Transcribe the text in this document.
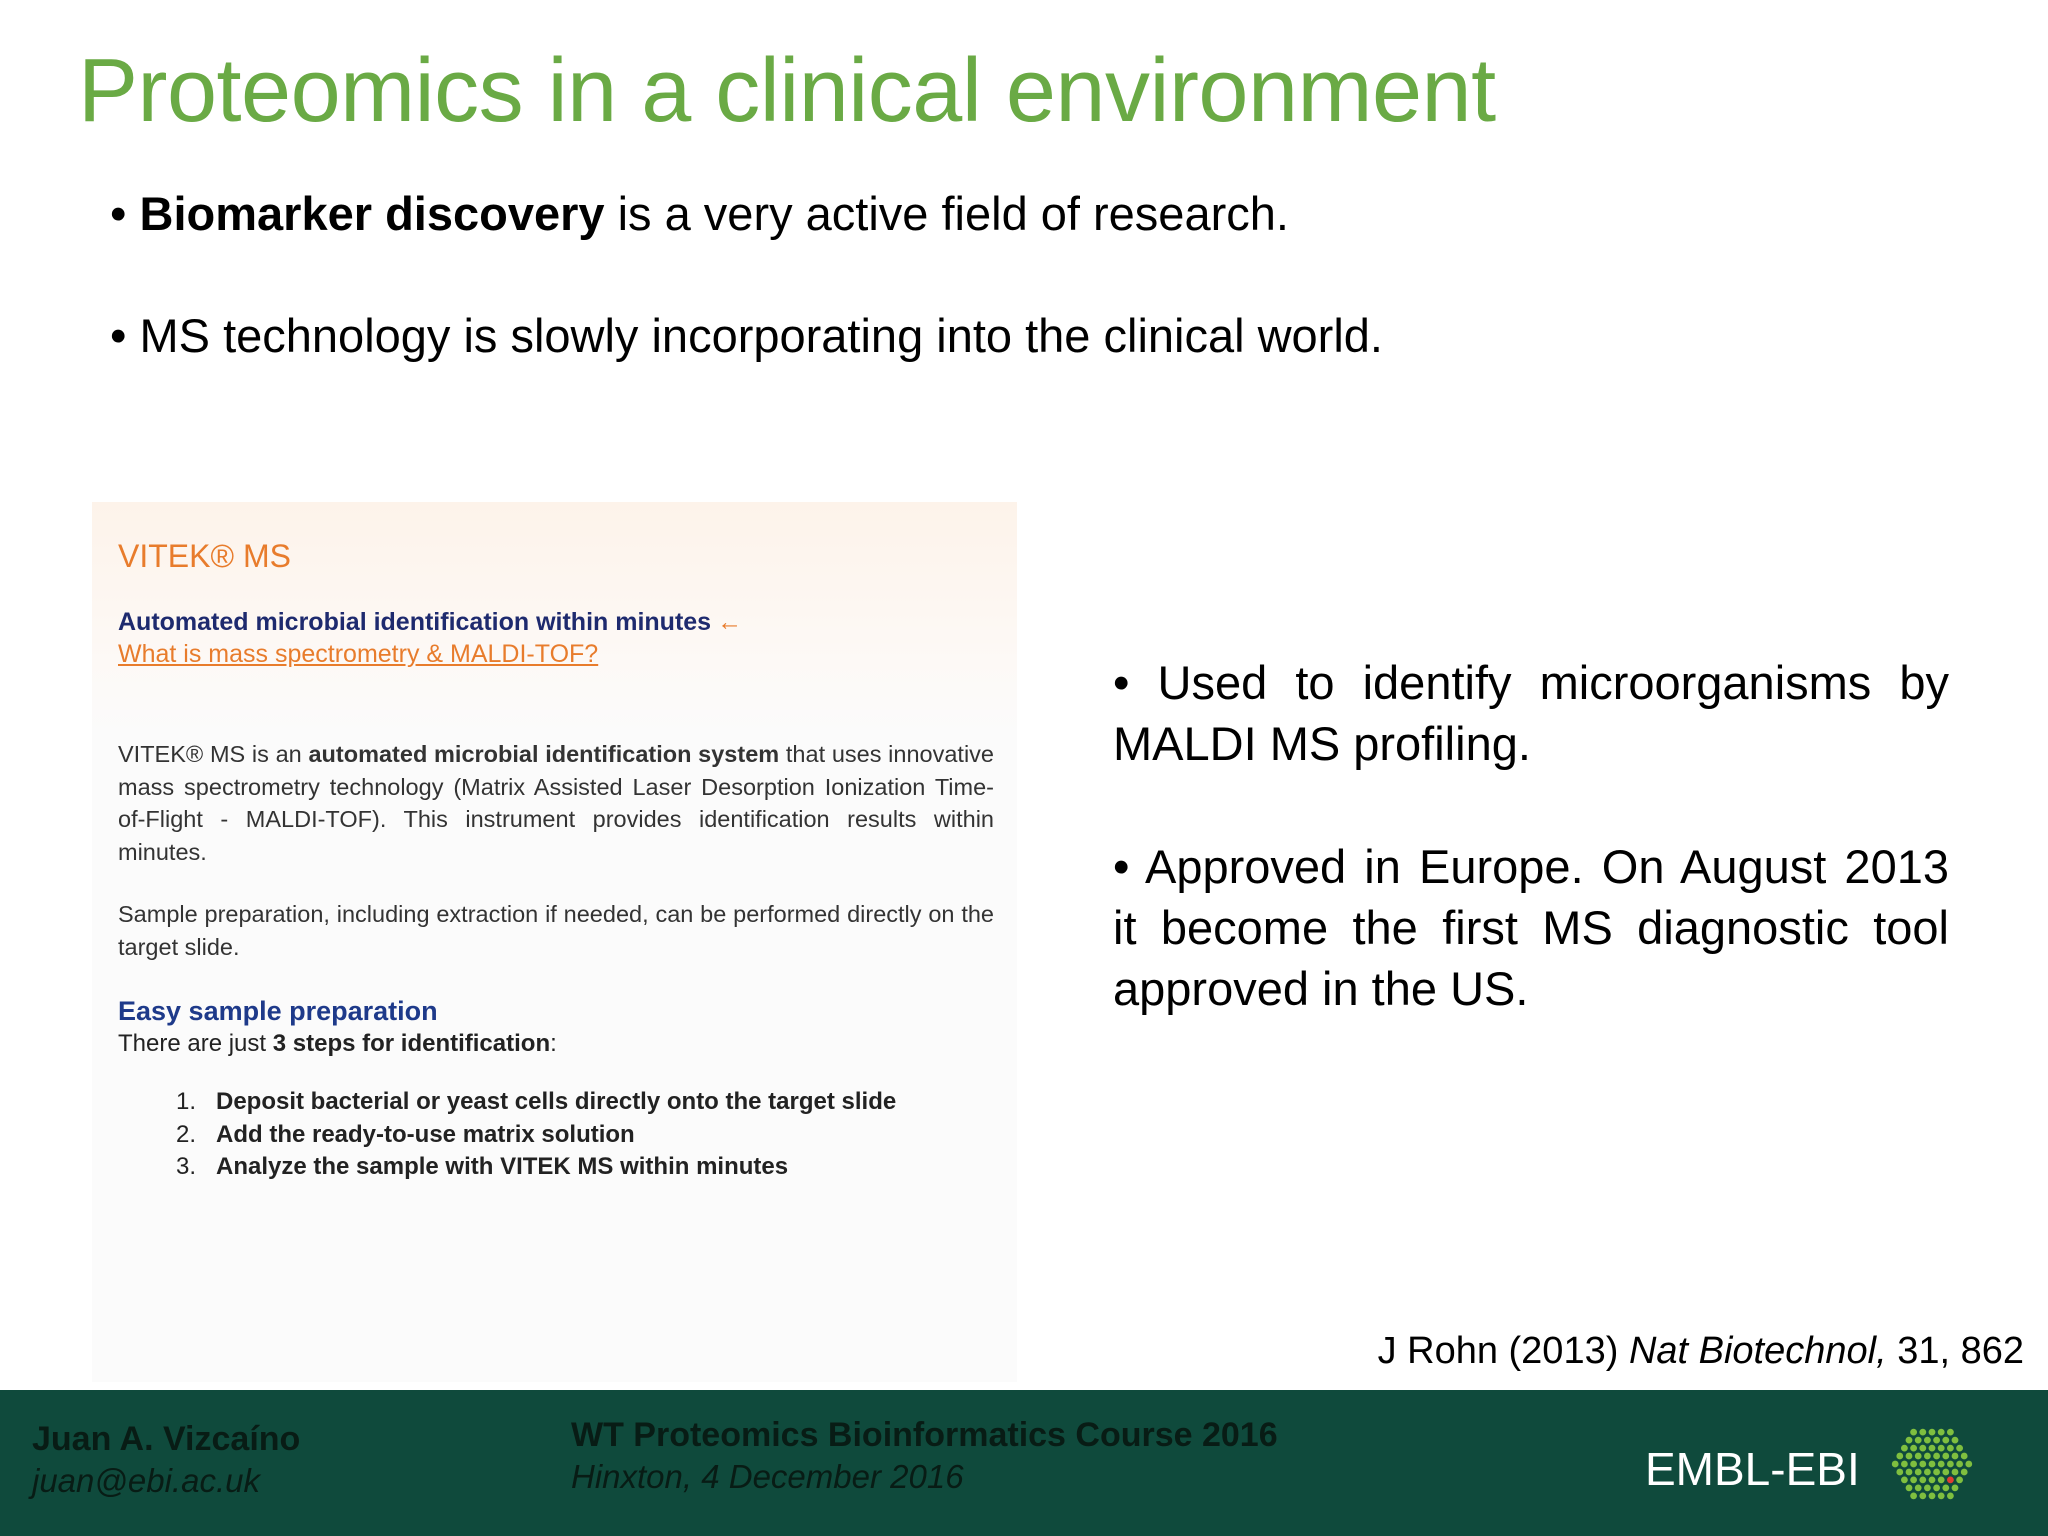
Proteomics in a clinical environment

• Biomarker discovery is a very active field of research.

• MS technology is slowly incorporating into the clinical world.

VITEK® MS
Automated microbial identification within minutes ←
What is mass spectrometry & MALDI-TOF?

VITEK® MS is an automated microbial identification system that uses innovative mass spectrometry technology (Matrix Assisted Laser Desorption Ionization Time-of-Flight - MALDI-TOF). This instrument provides identification results within minutes.

Sample preparation, including extraction if needed, can be performed directly on the target slide.

Easy sample preparation
There are just 3 steps for identification:
1. Deposit bacterial or yeast cells directly onto the target slide
2. Add the ready-to-use matrix solution
3. Analyze the sample with VITEK MS within minutes

• Used to identify microorganisms by MALDI MS profiling.

• Approved in Europe. On August 2013 it become the first MS diagnostic tool approved in the US.

J Rohn (2013) Nat Biotechnol, 31, 862
Juan A. Vizcaíno
juan@ebi.ac.uk
WT Proteomics Bioinformatics Course 2016
Hinxton, 4 December 2016	EMBL-EBI
